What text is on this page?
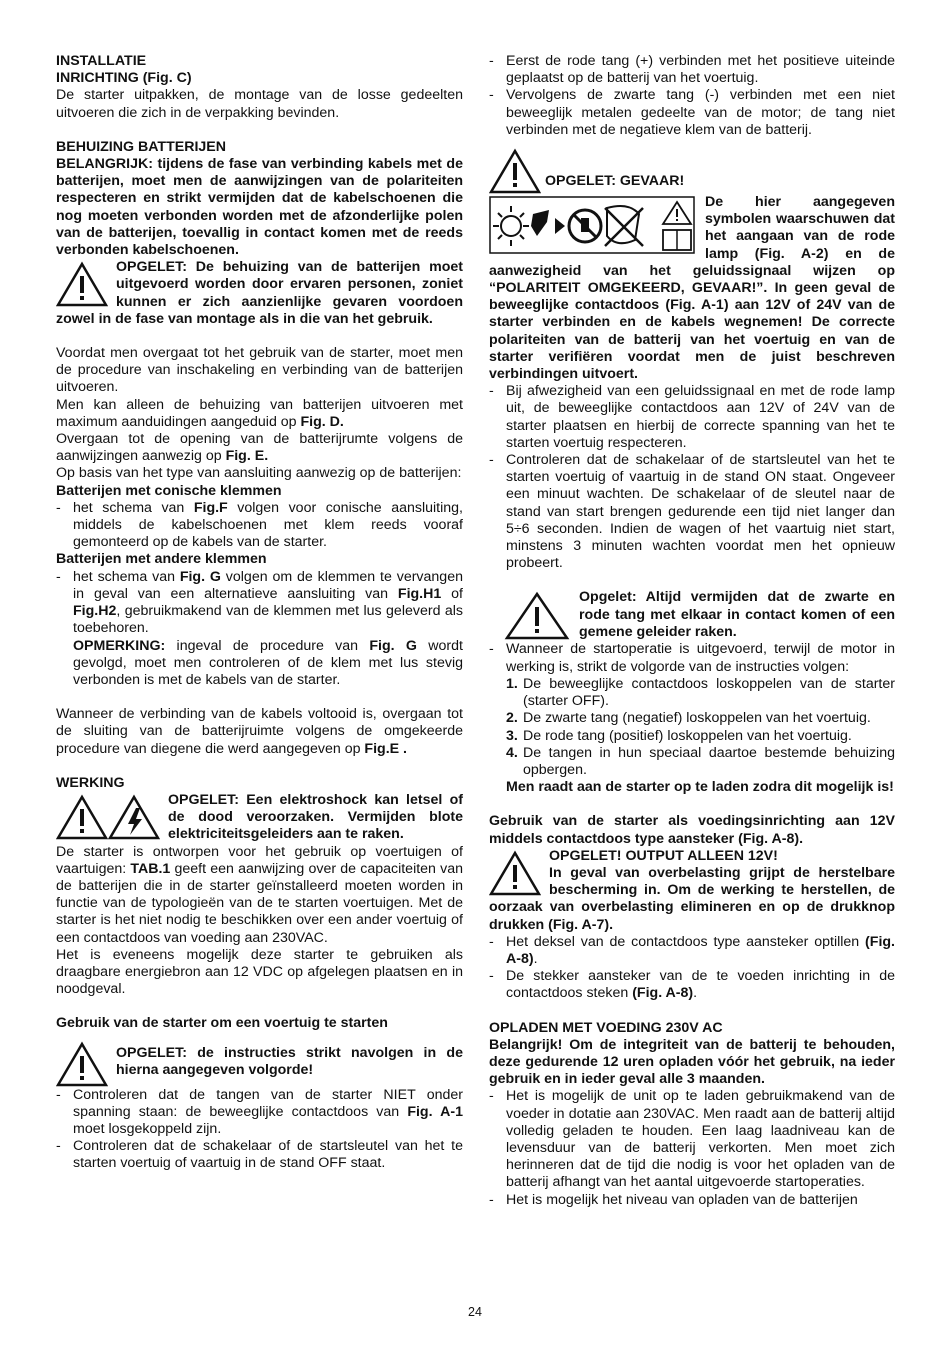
INSTALLATIE

INRICHTING (Fig. C)

De starter uitpakken, de montage van de losse gedeelten uitvoeren die zich in de verpakking bevinden.

BEHUIZING BATTERIJEN

BELANGRIJK: tijdens de fase van verbinding kabels met de batterijen, moet men de aanwijzingen van de polariteiten respecteren en strikt vermijden dat de kabelschoenen die nog moeten verbonden worden met de afzonderlijke polen van de batterijen, toevallig in contact komen met de reeds verbonden kabelschoenen.

OPGELET: De behuizing van de batterijen moet uitgevoerd worden door ervaren personen, zoniet kunnen er zich aanzienlijke gevaren voordoen zowel in de fase van montage als in die van het gebruik.

Voordat men overgaat tot het gebruik van de starter, moet men de procedure van inschakeling en verbinding van de batterijen uitvoeren.

Men kan alleen de behuizing van batterijen uitvoeren met maximum aanduidingen aangeduid op Fig. D.

Overgaan tot de opening van de batterijrumte volgens de aanwijzingen aanwezig op Fig. E.

Op basis van het type van aansluiting aanwezig op de batterijen:

Batterijen met conische klemmen

- het schema van Fig.F volgen voor conische aansluiting, middels de kabelschoenen met klem reeds vooraf gemonteerd op de kabels van de starter.

Batterijen met andere klemmen

- het schema van Fig. G volgen om de klemmen te vervangen in geval van een alternatieve aansluiting van Fig.H1 of Fig.H2, gebruikmakend van de klemmen met lus geleverd als toebehoren.

OPMERKING: ingeval de procedure van Fig. G wordt gevolgd, moet men controleren of de klem met lus stevig verbonden is met de kabels van de starter.

Wanneer de verbinding van de kabels voltooid is, overgaan tot de sluiting van de batterijruimte volgens de omgekeerde procedure van diegene die werd aangegeven op Fig.E .

WERKING

OPGELET: Een elektroshock kan letsel of de dood veroorzaken. Vermijden blote elektriciteitsgeleiders aan te raken.

De starter is ontworpen voor het gebruik op voertuigen of vaartuigen: TAB.1 geeft een aanwijzing over de capaciteiten van de batterijen die in de starter geïnstalleerd moeten worden in functie van de typologieën van de te starten voertuigen. Met de starter is het niet nodig te beschikken over een ander voertuig of een contactdoos van voeding aan 230VAC.

Het is eveneens mogelijk deze starter te gebruiken als draagbare energiebron aan 12 VDC op afgelegen plaatsen en in noodgeval.

Gebruik van de starter om een voertuig te starten

OPGELET: de instructies strikt navolgen in de hierna aangegeven volgorde!

- Controleren dat de tangen van de starter NIET onder spanning staan: de beweeglijke contactdoos van Fig. A-1 moet losgekoppeld zijn.
- Controleren dat de schakelaar of de startsleutel van het te starten voertuig of vaartuig in de stand OFF staat.
- Eerst de rode tang (+) verbinden met het positieve uiteinde geplaatst op de batterij van het voertuig.
- Vervolgens de zwarte tang (-) verbinden met een niet beweeglijk metalen gedeelte van de motor; de tang niet verbinden met de negatieve klem van de batterij.

OPGELET: GEVAAR!

De hier aangegeven symbolen waarschuwen dat het aangaan van de rode lamp (Fig. A-2) en de aanwezigheid van het geluidssignaal wijzen op “POLARITEIT OMGEKEERD, GEVAAR!”. In geen geval de beweeglijke contactdoos (Fig. A-1) aan 12V of 24V van de starter verbinden en de kabels wegnemen! De correcte polariteiten van de batterij van het voertuig en van de starter verifiëren voordat men de juist beschreven verbindingen uitvoert.

- Bij afwezigheid van een geluidssignaal en met de rode lamp uit, de beweeglijke contactdoos aan 12V of 24V van de starter plaatsen en hierbij de correcte spanning van het te starten voertuig respecteren.
- Controleren dat de schakelaar of de startsleutel van het te starten voertuig of vaartuig in de stand ON staat. Ongeveer een minuut wachten. De schakelaar of de sleutel naar de stand van start brengen gedurende een tijd niet langer dan 5÷6 seconden. Indien de wagen of het vaartuig niet start, minstens 3 minuten wachten voordat men het opnieuw probeert.

Opgelet: Altijd vermijden dat de zwarte en rode tang met elkaar in contact komen of een gemene geleider raken.

- Wanneer de startoperatie is uitgevoerd, terwijl de motor in werking is, strikt de volgorde van de instructies volgen:
1. De beweeglijke contactdoos loskoppelen van de starter (starter OFF).
2. De zwarte tang (negatief) loskoppelen van het voertuig.
3. De rode tang (positief) loskoppelen van het voertuig.
4. De tangen in hun speciaal daartoe bestemde behuizing opbergen.

Men raadt aan de starter op te laden zodra dit mogelijk is!

Gebruik van de starter als voedingsinrichting aan 12V middels contactdoos type aansteker (Fig. A-8).

OPGELET! OUTPUT ALLEEN 12V!

In geval van overbelasting grijpt de herstelbare bescherming in. Om de werking te herstellen, de oorzaak van overbelasting elimineren en op de drukknop drukken (Fig. A-7).

- Het deksel van de contactdoos type aansteker optillen (Fig. A-8).
- De stekker aansteker van de te voeden inrichting in de contactdoos steken (Fig. A-8).

OPLADEN MET VOEDING 230V AC

Belangrijk! Om de integriteit van de batterij te behouden, deze gedurende 12 uren opladen vóór het gebruik, na ieder gebruik en in ieder geval alle 3 maanden.

- Het is mogelijk de unit op te laden gebruikmakend van de voeder in dotatie aan 230VAC. Men raadt aan de batterij altijd volledig geladen te houden. Een laag laadniveau kan de levensduur van de batterij verkorten. Men moet zich herinneren dat de tijd die nodig is voor het opladen van de batterij afhangt van het aantal uitgevoerde startoperaties.
- Het is mogelijk het niveau van opladen van de batterijen
24
